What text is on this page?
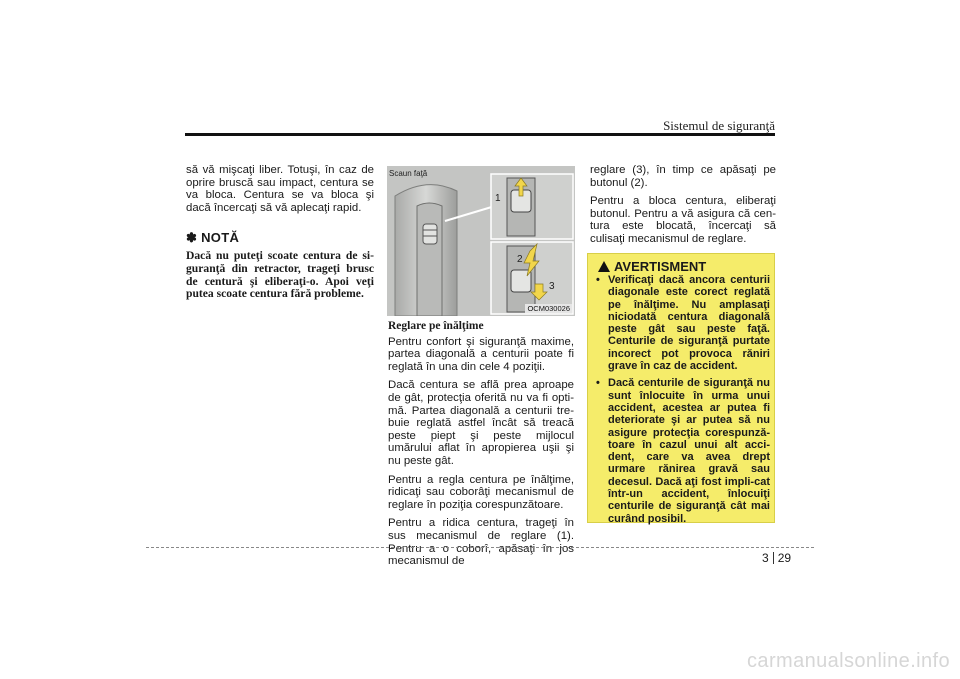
Sistemul de siguranţă

să vă mişcaţi liber. Totuşi, în caz de oprire bruscă sau impact, centura se va bloca. Centura se va bloca şi dacă încercaţi să vă aplecaţi rapid.

✽ NOTĂ
Dacă nu puteţi scoate centura de si-guranţă din retractor, trageţi brusc de centură şi eliberaţi-o. Apoi veţi putea scoate centura fără probleme.
Scaun faţă
1
2
3
OCM030026

Reglare pe înălţime

Pentru confort şi siguranţă maxime, partea diagonală a centurii poate fi reglată în una din cele 4 poziţii.

Dacă centura se află prea aproape de gât, protecţia oferită nu va fi opti-mă. Partea diagonală a centurii tre-buie reglată astfel încât să treacă peste piept şi peste mijlocul umărului aflat în apropierea uşii şi nu peste gât.

Pentru a regla centura pe înălţime, ridicaţi sau coborâţi mecanismul de reglare în poziţia corespunzătoare.

Pentru a ridica centura, trageţi în sus mecanismul de reglare (1). Pentru a o coborî, apăsaţi în jos mecanismul de

reglare (3), în timp ce apăsaţi pe butonul (2).

Pentru a bloca centura, eliberaţi butonul. Pentru a vă asigura că cen-tura este blocată, încercaţi să culisaţi mecanismul de reglare.

AVERTISMENT
• Verificaţi dacă ancora centurii diagonale este corect reglată pe înălţime. Nu amplasaţi niciodată centura diagonală peste gât sau peste faţă. Centurile de siguranţă purtate incorect pot provoca răniri grave în caz de accident.
• Dacă centurile de siguranţă nu sunt înlocuite în urma unui accident, acestea ar putea fi deteriorate şi ar putea să nu asigure protecţia corespunză-toare în cazul unui alt acci-dent, care va avea drept urmare rănirea gravă sau decesul. Dacă aţi fost impli-cat într-un accident, înlocuiţi centurile de siguranţă cât mai curând posibil.
3 29
carmanualsonline.info
